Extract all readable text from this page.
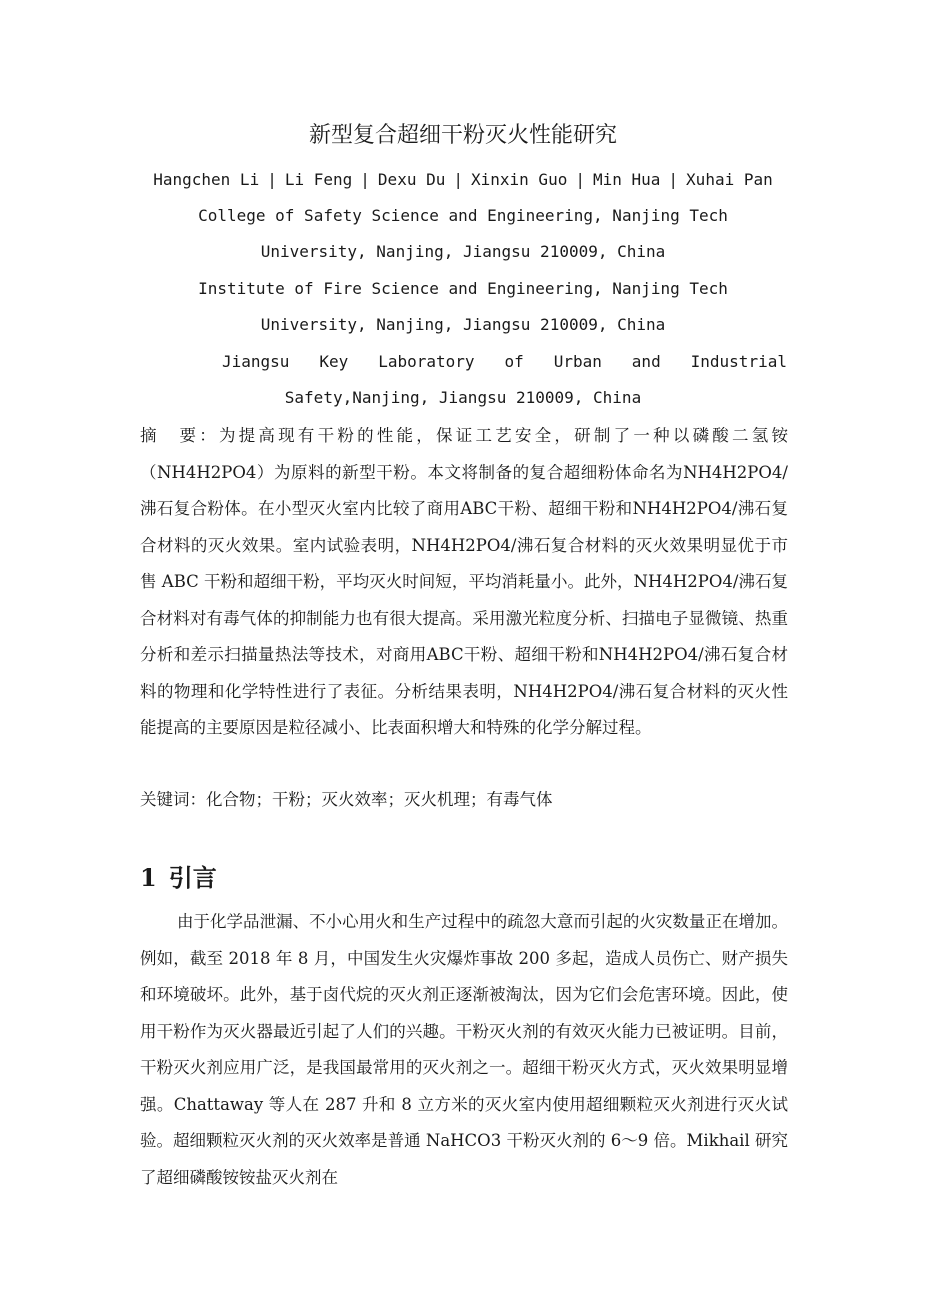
新型复合超细干粉灭火性能研究
Hangchen Li | Li Feng | Dexu Du | Xinxin Guo | Min Hua | Xuhai Pan
College of Safety Science and Engineering, Nanjing Tech
University, Nanjing, Jiangsu 210009, China
Institute of Fire Science and Engineering, Nanjing Tech
University, Nanjing, Jiangsu 210009, China
Jiangsu Key Laboratory of Urban and Industrial
Safety,Nanjing, Jiangsu 210009, China
摘　要：为提高现有干粉的性能，保证工艺安全，研制了一种以磷酸二氢铵（NH4H2PO4）为原料的新型干粉。本文将制备的复合超细粉体命名为NH4H2PO4/沸石复合粉体。在小型灭火室内比较了商用ABC干粉、超细干粉和NH4H2PO4/沸石复合材料的灭火效果。室内试验表明，NH4H2PO4/沸石复合材料的灭火效果明显优于市售 ABC 干粉和超细干粉，平均灭火时间短，平均消耗量小。此外，NH4H2PO4/沸石复合材料对有毒气体的抑制能力也有很大提高。采用激光粒度分析、扫描电子显微镜、热重分析和差示扫描量热法等技术，对商用ABC干粉、超细干粉和NH4H2PO4/沸石复合材料的物理和化学特性进行了表征。分析结果表明，NH4H2PO4/沸石复合材料的灭火性能提高的主要原因是粒径减小、比表面积增大和特殊的化学分解过程。
关键词：化合物；干粉；灭火效率；灭火机理；有毒气体
1 引言
由于化学品泄漏、不小心用火和生产过程中的疏忽大意而引起的火灾数量正在增加。例如，截至 2018 年 8 月，中国发生火灾爆炸事故 200 多起，造成人员伤亡、财产损失和环境破坏。此外，基于卤代烷的灭火剂正逐渐被淘汰，因为它们会危害环境。因此，使用干粉作为灭火器最近引起了人们的兴趣。干粉灭火剂的有效灭火能力已被证明。目前，干粉灭火剂应用广泛，是我国最常用的灭火剂之一。超细干粉灭火方式，灭火效果明显增强。Chattaway 等人在 287 升和 8 立方米的灭火室内使用超细颗粒灭火剂进行灭火试验。超细颗粒灭火剂的灭火效率是普通 NaHCO3 干粉灭火剂的 6～9 倍。Mikhail 研究了超细磷酸铵铵盐灭火剂在
